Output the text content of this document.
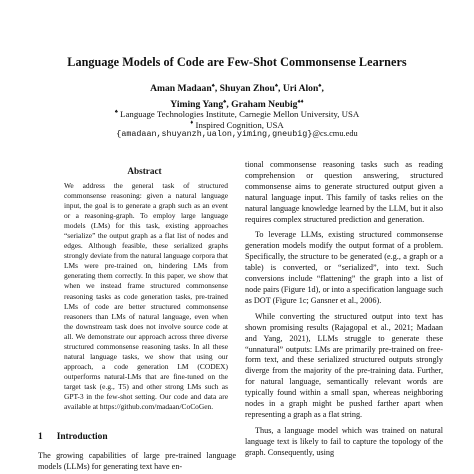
Language Models of Code are Few-Shot Commonsense Learners
Aman Madaan♠, Shuyan Zhou♠, Uri Alon♠,
Yiming Yang♠, Graham Neubig♠♦
♠ Language Technologies Institute, Carnegie Mellon University, USA
♦ Inspired Cognition, USA
{amadaan,shuyanzh,ualon,yiming,gneubig}@cs.cmu.edu
Abstract

We address the general task of structured commonsense reasoning: given a natural language input, the goal is to generate a graph such as an event or a reasoning-graph. To employ large language models (LMs) for this task, existing approaches “serialize” the output graph as a flat list of nodes and edges. Although feasible, these serialized graphs strongly deviate from the natural language corpora that LMs were pre-trained on, hindering LMs from generating them correctly. In this paper, we show that when we instead frame structured commonsense reasoning tasks as code generation tasks, pre-trained LMs of code are better structured commonsense reasoners than LMs of natural language, even when the downstream task does not involve source code at all. We demonstrate our approach across three diverse structured commonsense reasoning tasks. In all these natural language tasks, we show that using our approach, a code generation LM (CODEX) outperforms natural-LMs that are fine-tuned on the target task (e.g., T5) and other strong LMs such as GPT-3 in the few-shot setting. Our code and data are available at https://github.com/madaan/CoCoGen.

1 Introduction
The growing capabilities of large pre-trained language models (LLMs) for generating text have en-

tional commonsense reasoning tasks such as reading comprehension or question answering, structured commonsense aims to generate structured output given a natural language input. This family of tasks relies on the natural language knowledge learned by the LLM, but it also requires complex structured prediction and generation.

To leverage LLMs, existing structured commonsense generation models modify the output format of a problem. Specifically, the structure to be generated (e.g., a graph or a table) is converted, or “serialized”, into text. Such conversions include “flattening” the graph into a list of node pairs (Figure 1d), or into a specification language such as DOT (Figure 1c; Gansner et al., 2006).

While converting the structured output into text has shown promising results (Rajagopal et al., 2021; Madaan and Yang, 2021), LLMs struggle to generate these “unnatural” outputs: LMs are primarily pre-trained on free-form text, and these serialized structured outputs strongly diverge from the majority of the pre-training data. Further, for natural language, semantically relevant words are typically found within a small span, whereas neighboring nodes in a graph might be pushed farther apart when representing a graph as a flat string.

Thus, a language model which was trained on natural language text is likely to fail to capture the topology of the graph. Consequently, using
